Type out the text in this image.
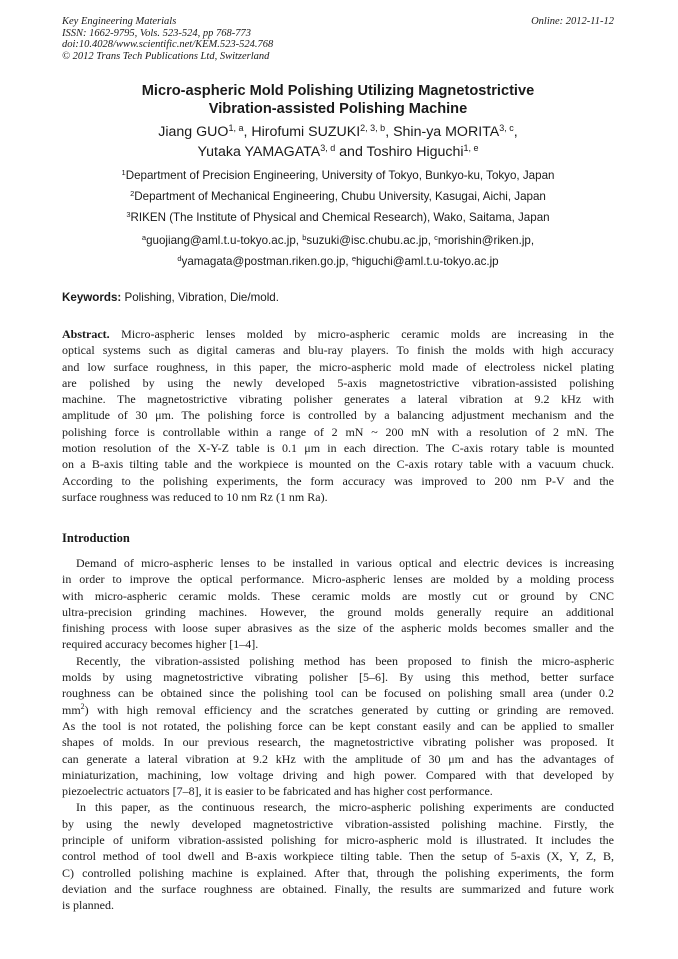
Key Engineering Materials
ISSN: 1662-9795, Vols. 523-524, pp 768-773
doi:10.4028/www.scientific.net/KEM.523-524.768
© 2012 Trans Tech Publications Ltd, Switzerland
Online: 2012-11-12
Micro-aspheric Mold Polishing Utilizing Magnetostrictive
Vibration-assisted Polishing Machine
Jiang GUO$^{1, a}$, Hirofumi SUZUKI$^{2, 3, b}$, Shin-ya MORITA$^{3, c}$,
Yutaka YAMAGATA$^{3, d}$ and Toshiro Higuchi$^{1, e}$
$^1$Department of Precision Engineering, University of Tokyo, Bunkyo-ku, Tokyo, Japan
$^2$Department of Mechanical Engineering, Chubu University, Kasugai, Aichi, Japan
$^3$RIKEN (The Institute of Physical and Chemical Research), Wako, Saitama, Japan
$^a$guojiang@aml.t.u-tokyo.ac.jp, $^b$suzuki@isc.chubu.ac.jp, $^c$morishin@riken.jp,
$^d$yamagata@postman.riken.go.jp, $^e$higuchi@aml.t.u-tokyo.ac.jp
Keywords: Polishing, Vibration, Die/mold.
Abstract. Micro-aspheric lenses molded by micro-aspheric ceramic molds are increasing in the
optical systems such as digital cameras and blu-ray players. To finish the molds with high accuracy
and low surface roughness, in this paper, the micro-aspheric mold made of electroless nickel plating
are polished by using the newly developed 5-axis magnetostrictive vibration-assisted polishing
machine. The magnetostrictive vibrating polisher generates a lateral vibration at 9.2 kHz with
amplitude of 30 μm. The polishing force is controlled by a balancing adjustment mechanism and the
polishing force is controllable within a range of 2 mN ~ 200 mN with a resolution of 2 mN. The
motion resolution of the X-Y-Z table is 0.1 μm in each direction. The C-axis rotary table is mounted
on a B-axis tilting table and the workpiece is mounted on the C-axis rotary table with a vacuum chuck.
According to the polishing experiments, the form accuracy was improved to 200 nm P-V and the
surface roughness was reduced to 10 nm Rz (1 nm Ra).
Introduction
Demand of micro-aspheric lenses to be installed in various optical and electric devices is increasing
in order to improve the optical performance. Micro-aspheric lenses are molded by a molding process
with micro-aspheric ceramic molds. These ceramic molds are mostly cut or ground by CNC
ultra-precision grinding machines. However, the ground molds generally require an additional
finishing process with loose super abrasives as the size of the aspheric molds becomes smaller and the
required accuracy becomes higher [1–4].
Recently, the vibration-assisted polishing method has been proposed to finish the micro-aspheric
molds by using magnetostrictive vibrating polisher [5–6]. By using this method, better surface
roughness can be obtained since the polishing tool can be focused on polishing small area (under 0.2
$mm^2$) with high removal efficiency and the scratches generated by cutting or grinding are removed.
As the tool is not rotated, the polishing force can be kept constant easily and can be applied to smaller
shapes of molds. In our previous research, the magnetostrictive vibrating polisher was proposed. It
can generate a lateral vibration at 9.2 kHz with the amplitude of 30 μm and has the advantages of
miniaturization, machining, low voltage driving and high power. Compared with that developed by
piezoelectric actuators [7–8], it is easier to be fabricated and has higher cost performance.
In this paper, as the continuous research, the micro-aspheric polishing experiments are conducted
by using the newly developed magnetostrictive vibration-assisted polishing machine. Firstly, the
principle of uniform vibration-assisted polishing for micro-aspheric mold is illustrated. It includes the
control method of tool dwell and B-axis workpiece tilting table. Then the setup of 5-axis (X, Y, Z, B,
C) controlled polishing machine is explained. After that, through the polishing experiments, the form
deviation and the surface roughness are obtained. Finally, the results are summarized and future work
is planned.
